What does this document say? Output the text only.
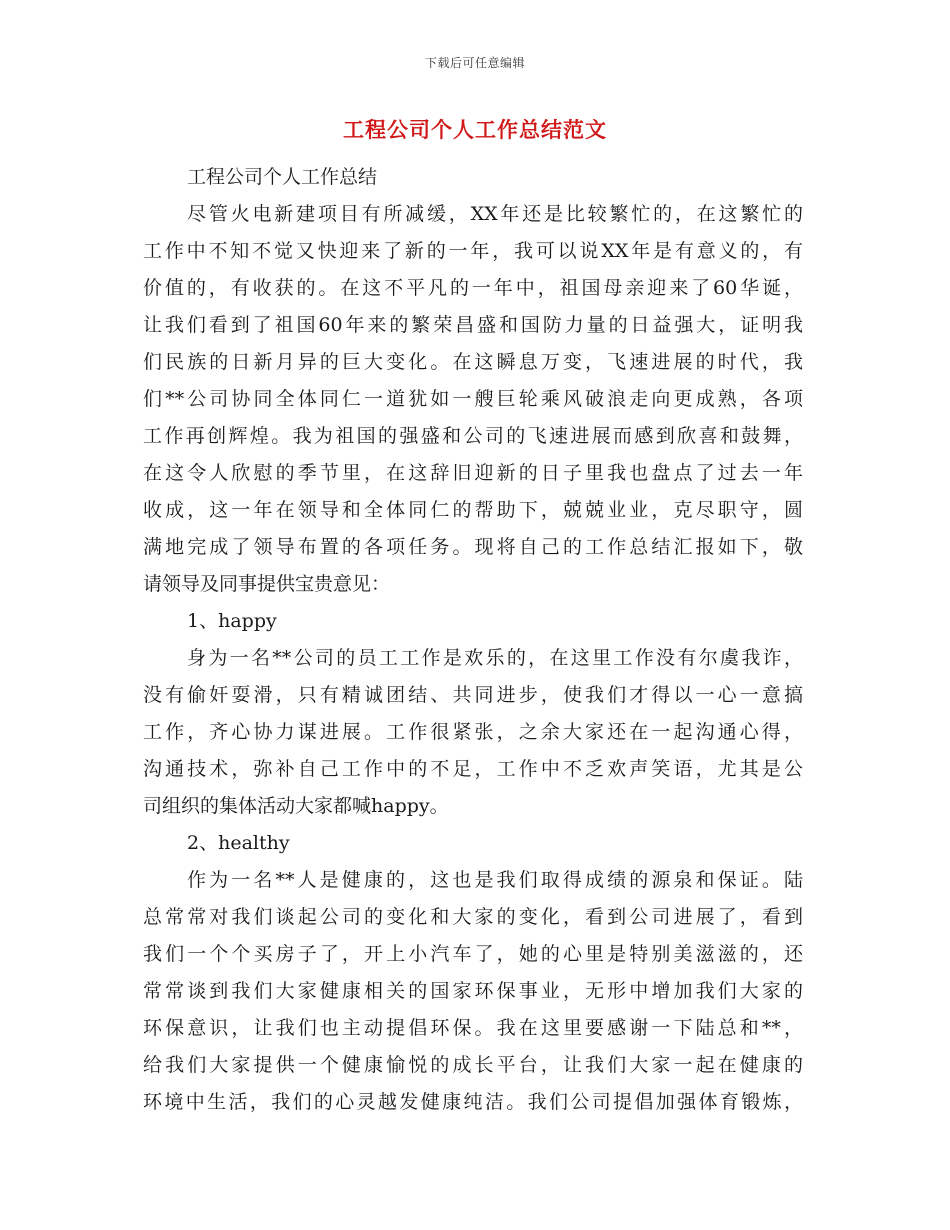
下载后可任意编辑
工程公司个人工作总结范文
工程公司个人工作总结
尽管火电新建项目有所减缓，XX年还是比较繁忙的，在这繁忙的
工作中不知不觉又快迎来了新的一年，我可以说XX年是有意义的，有
价值的，有收获的。在这不平凡的一年中，祖国母亲迎来了60华诞，
让我们看到了祖国60年来的繁荣昌盛和国防力量的日益强大，证明我
们民族的日新月异的巨大变化。在这瞬息万变，飞速进展的时代，我
们**公司协同全体同仁一道犹如一艘巨轮乘风破浪走向更成熟，各项
工作再创辉煌。我为祖国的强盛和公司的飞速进展而感到欣喜和鼓舞，
在这令人欣慰的季节里，在这辞旧迎新的日子里我也盘点了过去一年
收成，这一年在领导和全体同仁的帮助下，兢兢业业，克尽职守，圆
满地完成了领导布置的各项任务。现将自己的工作总结汇报如下，敬
请领导及同事提供宝贵意见：
1、happy
身为一名**公司的员工工作是欢乐的，在这里工作没有尔虞我诈，
没有偷奸耍滑，只有精诚团结、共同进步，使我们才得以一心一意搞
工作，齐心协力谋进展。工作很紧张，之余大家还在一起沟通心得，
沟通技术，弥补自己工作中的不足，工作中不乏欢声笑语，尤其是公
司组织的集体活动大家都喊happy。
2、healthy
作为一名**人是健康的，这也是我们取得成绩的源泉和保证。陆
总常常对我们谈起公司的变化和大家的变化，看到公司进展了，看到
我们一个个买房子了，开上小汽车了，她的心里是特别美滋滋的，还
常常谈到我们大家健康相关的国家环保事业，无形中增加我们大家的
环保意识，让我们也主动提倡环保。我在这里要感谢一下陆总和**，
给我们大家提供一个健康愉悦的成长平台，让我们大家一起在健康的
环境中生活，我们的心灵越发健康纯洁。我们公司提倡加强体育锻炼，
